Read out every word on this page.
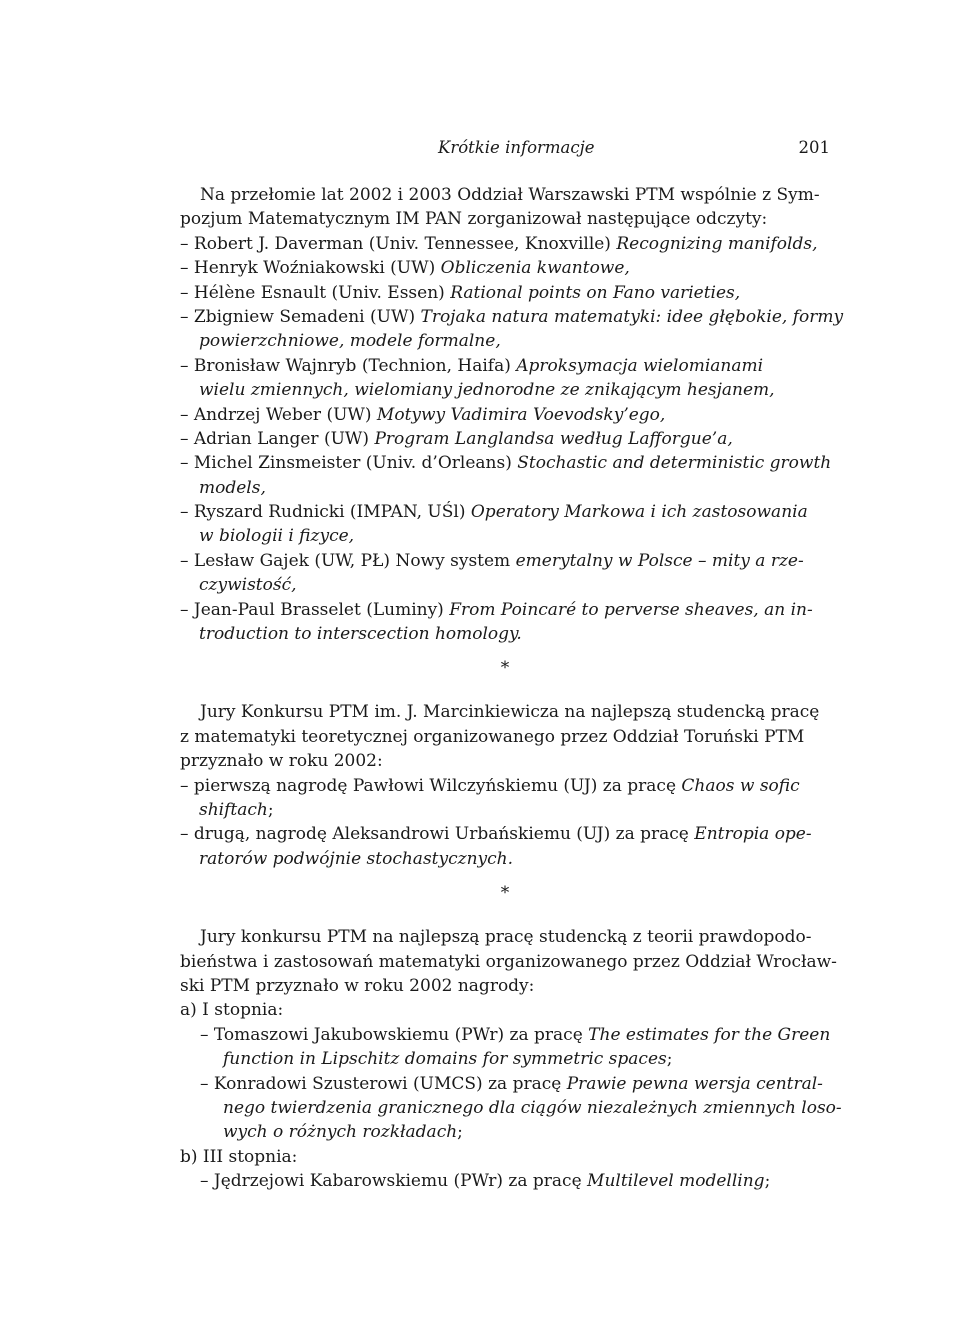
Krótkie informacje	201
Na przełomie lat 2002 i 2003 Oddział Warszawski PTM wspólnie z Sym-
pozjum Matematycznym IM PAN zorganizował następujące odczyty:
– Robert J. Daverman (Univ. Tennessee, Knoxville) Recognizing manifolds,
– Henryk Woźniakowski (UW) Obliczenia kwantowe,
– Hélène Esnault (Univ. Essen) Rational points on Fano varieties,
– Zbigniew Semadeni (UW) Trojaka natura matematyki: idee głębokie, formy
powierzchniowe, modele formalne,
– Bronisław Wajnryb (Technion, Haifa) Aproksymacja wielomianami
wielu zmiennych, wielomiany jednorodne ze znikającym hesjanem,
– Andrzej Weber (UW) Motywy Vadimira Voevodsky’ego,
– Adrian Langer (UW) Program Langlandsa według Lafforgue’a,
– Michel Zinsmeister (Univ. d’Orleans) Stochastic and deterministic growth
models,
– Ryszard Rudnicki (IMPAN, UŚl) Operatory Markowa i ich zastosowania
w biologii i fizyce,
– Lesław Gajek (UW, PŁ) Nowy system emerytalny w Polsce – mity a rze-
czywistość,
– Jean-Paul Brasselet (Luminy) From Poincaré to perverse sheaves, an in-
troduction to interscection homology.
*
Jury Konkursu PTM im. J. Marcinkiewicza na najlepszą studencką pracę
z matematyki teoretycznej organizowanego przez Oddział Toruński PTM
przyznało w roku 2002:
– pierwszą nagrodę Pawłowi Wilczyńskiemu (UJ) za pracę Chaos w sofic
shiftach;
– drugą, nagrodę Aleksandrowi Urbańskiemu (UJ) za pracę Entropia ope-
ratorów podwójnie stochastycznych.
*
Jury konkursu PTM na najlepszą pracę studencką z teorii prawdopodo-
bieństwa i zastosowań matematyki organizowanego przez Oddział Wrocław-
ski PTM przyznało w roku 2002 nagrody:
a) I stopnia:
– Tomaszowi Jakubowskiemu (PWr) za pracę The estimates for the Green
function in Lipschitz domains for symmetric spaces;
– Konradowi Szusterowi (UMCS) za pracę Prawie pewna wersja central-
nego twierdzenia granicznego dla ciągów niezależnych zmiennych loso-
wych o różnych rozkładach;
b) III stopnia:
– Jędrzejowi Kabarowskiemu (PWr) za pracę Multilevel modelling;
